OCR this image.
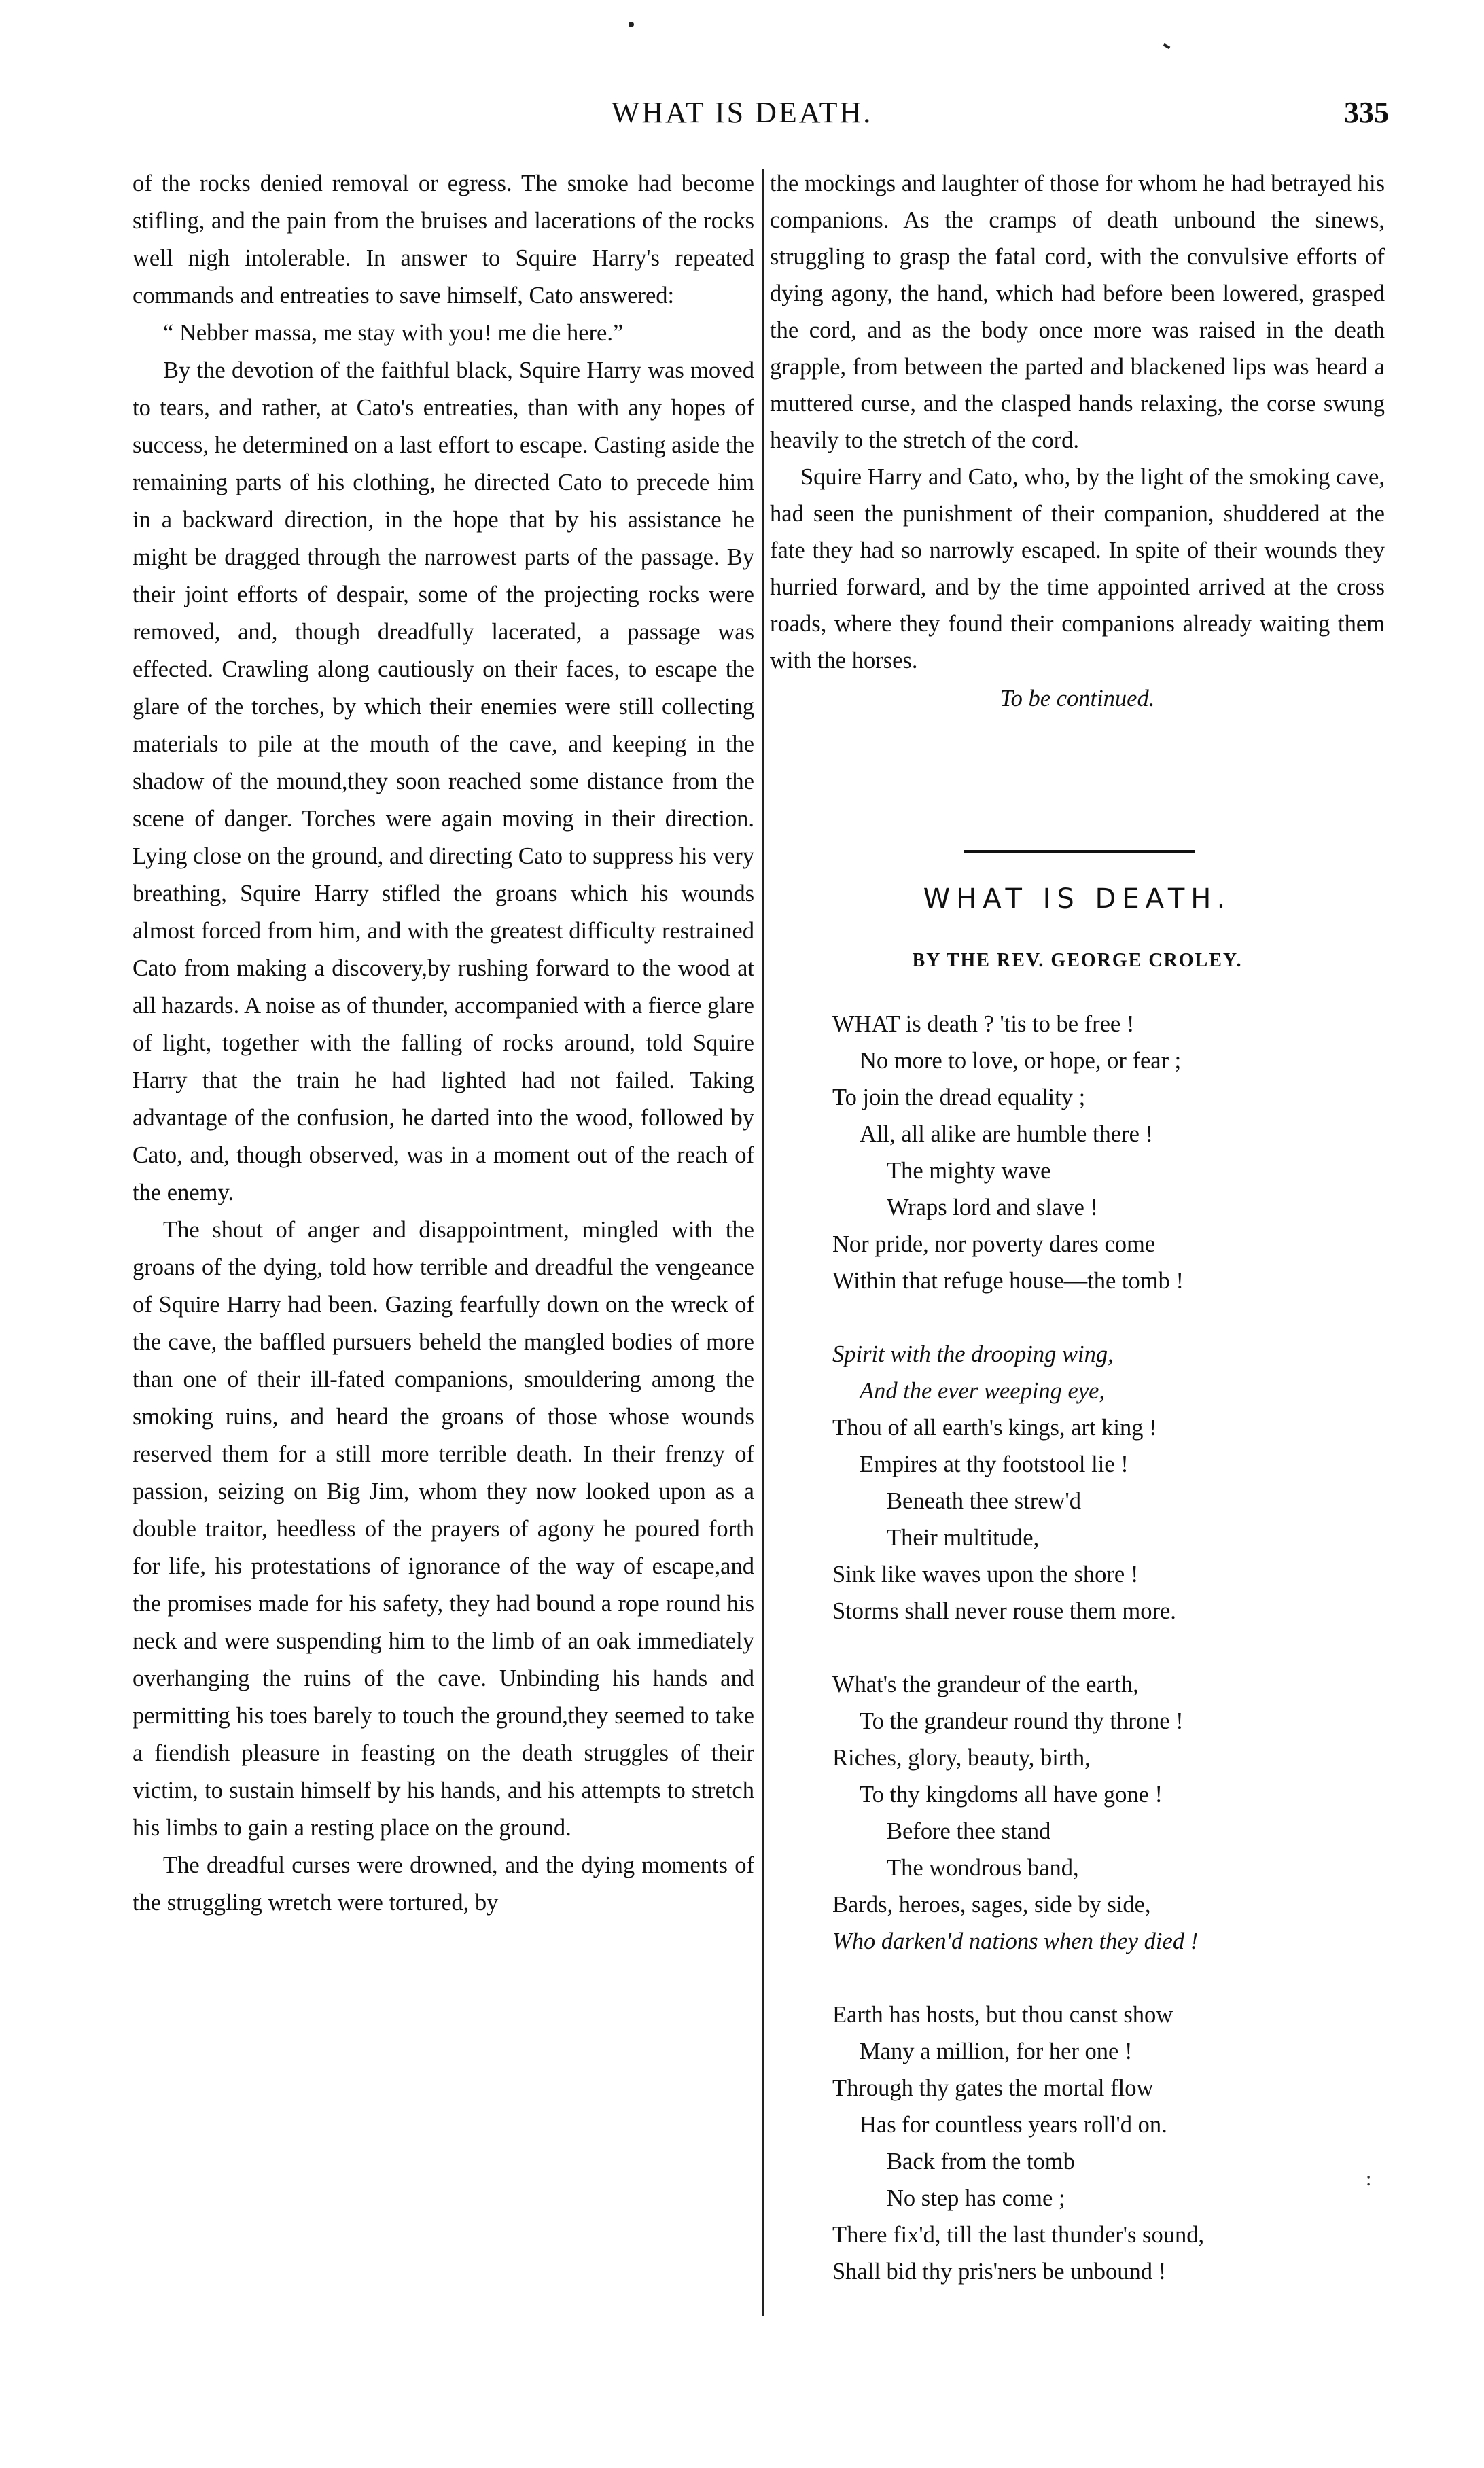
WHAT IS DEATH.	335

of the rocks denied removal or egress. The smoke had become stifling, and the pain from the bruises and lacerations of the rocks well nigh intolerable. In answer to Squire Harry's repeated commands and entreaties to save himself, Cato answered:

“ Nebber massa, me stay with you! me die here.”

By the devotion of the faithful black, Squire Harry was moved to tears, and rather, at Cato's entreaties, than with any hopes of success, he determined on a last effort to escape. Casting aside the remaining parts of his clothing, he directed Cato to precede him in a backward direction, in the hope that by his assistance he might be dragged through the narrowest parts of the passage. By their joint efforts of despair, some of the projecting rocks were removed, and, though dreadfully lacerated, a passage was effected. Crawling along cautiously on their faces, to escape the glare of the torches, by which their enemies were still collecting materials to pile at the mouth of the cave, and keeping in the shadow of the mound,they soon reached some distance from the scene of danger. Torches were again moving in their direction. Lying close on the ground, and directing Cato to suppress his very breathing, Squire Harry stifled the groans which his wounds almost forced from him, and with the greatest difficulty restrained Cato from making a discovery,by rushing forward to the wood at all hazards. A noise as of thunder, accompanied with a fierce glare of light, together with the falling of rocks around, told Squire Harry that the train he had lighted had not failed. Taking advantage of the confusion, he darted into the wood, followed by Cato, and, though observed, was in a moment out of the reach of the enemy.

The shout of anger and disappointment, mingled with the groans of the dying, told how terrible and dreadful the vengeance of Squire Harry had been. Gazing fearfully down on the wreck of the cave, the baffled pursuers beheld the mangled bodies of more than one of their ill-fated companions, smouldering among the smoking ruins, and heard the groans of those whose wounds reserved them for a still more terrible death. In their frenzy of passion, seizing on Big Jim, whom they now looked upon as a double traitor, heedless of the prayers of agony he poured forth for life, his protestations of ignorance of the way of escape,and the promises made for his safety, they had bound a rope round his neck and were suspending him to the limb of an oak immediately overhanging the ruins of the cave. Unbinding his hands and permitting his toes barely to touch the ground,they seemed to take a fiendish pleasure in feasting on the death struggles of their victim, to sustain himself by his hands, and his attempts to stretch his limbs to gain a resting place on the ground.

The dreadful curses were drowned, and the dying moments of the struggling wretch were tortured, by

the mockings and laughter of those for whom he had betrayed his companions. As the cramps of death unbound the sinews, struggling to grasp the fatal cord, with the convulsive efforts of dying agony, the hand, which had before been lowered, grasped the cord, and as the body once more was raised in the death grapple, from between the parted and blackened lips was heard a muttered curse, and the clasped hands relaxing, the corse swung heavily to the stretch of the cord.

Squire Harry and Cato, who, by the light of the smoking cave, had seen the punishment of their companion, shuddered at the fate they had so narrowly escaped. In spite of their wounds they hurried forward, and by the time appointed arrived at the cross roads, where they found their companions already waiting them with the horses.

To be continued.

WHAT IS DEATH.
BY THE REV. GEORGE CROLEY.
WHAT is death ? 'tis to be free !
No more to love, or hope, or fear ;
To join the dread equality ;
All, all alike are humble there !
The mighty wave
Wraps lord and slave !
Nor pride, nor poverty dares come
Within that refuge house—the tomb !
Spirit with the drooping wing,
And the ever weeping eye,
Thou of all earth's kings, art king !
Empires at thy footstool lie !
Beneath thee strew'd
Their multitude,
Sink like waves upon the shore !
Storms shall never rouse them more.
What's the grandeur of the earth,
To the grandeur round thy throne !
Riches, glory, beauty, birth,
To thy kingdoms all have gone !
Before thee stand
The wondrous band,
Bards, heroes, sages, side by side,
Who darken'd nations when they died !
Earth has hosts, but thou canst show
Many a million, for her one !
Through thy gates the mortal flow
Has for countless years roll'd on.
Back from the tomb
No step has come ;
There fix'd, till the last thunder's sound,
Shall bid thy pris'ners be unbound !
:
